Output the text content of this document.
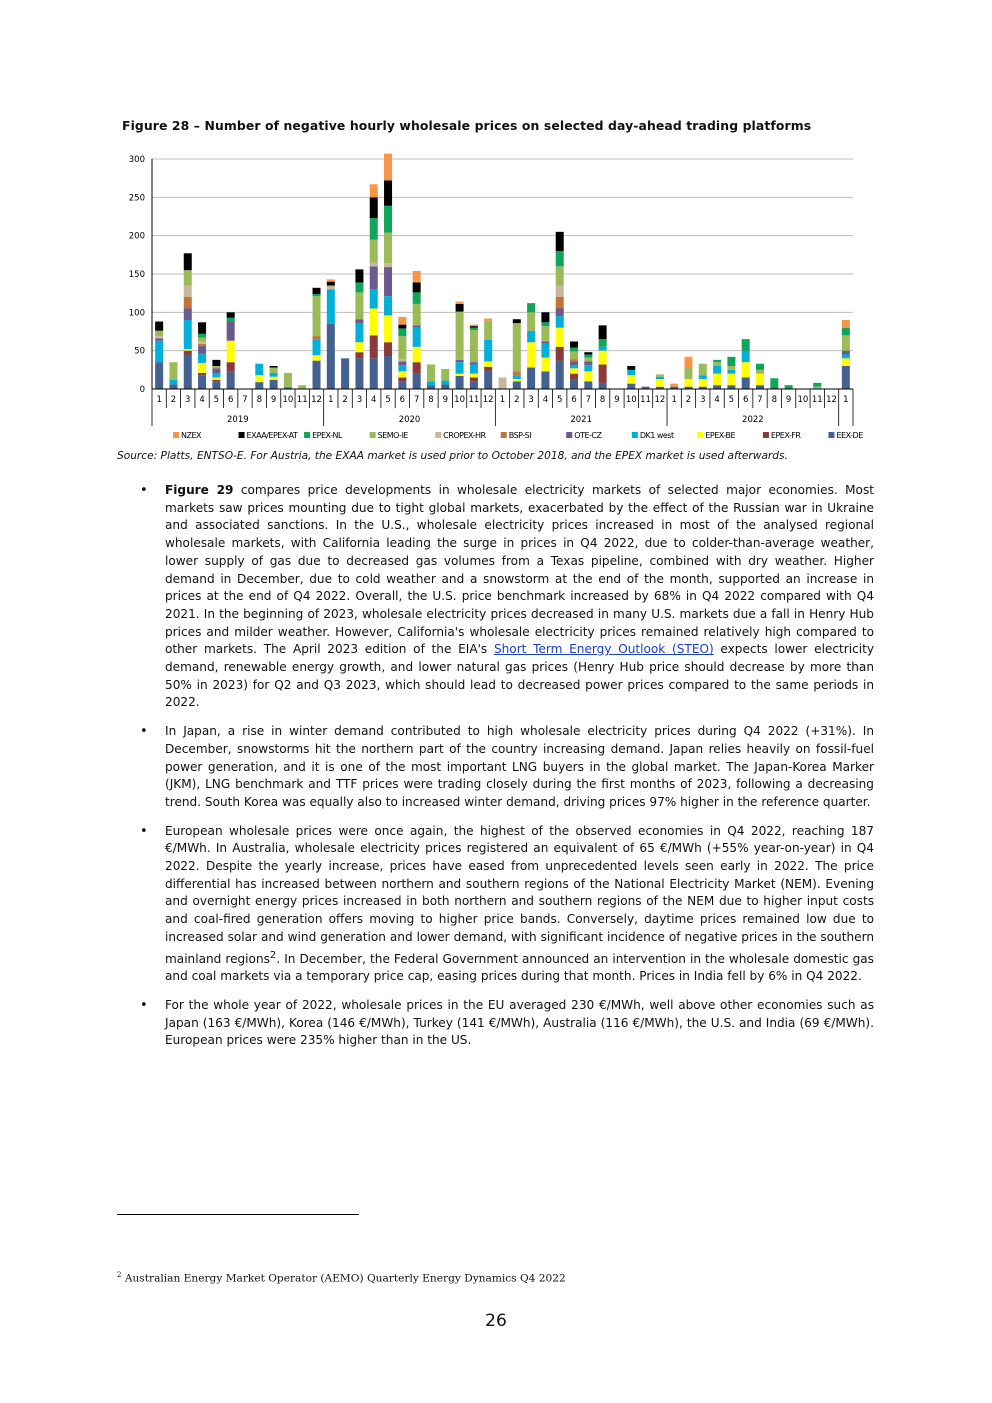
Figure 28 – Number of negative hourly wholesale prices on selected day-ahead trading platforms
0
50
100
150
200
250
300
1 2 3 4 5 6 7 8 9 10 11 12 1 2 3 4 5 6 7 8 9 10 11 12 1 2 3 4 5 6 7 8 9 10 11 12 1 2 3 4 5 6 7 8 9 10 11 12 1
2019	2020	2021	2022
NZEX	EXAA/EPEX-AT EPEX-NL	SEMO-IE	CROPEX-HR	BSP-SI	OTE-CZ	DK1 west	EPEX-BE	EPEX-FR	EEX-DE
Source: Platts, ENTSO-E. For Austria, the EXAA market is used prior to October 2018, and the EPEX market is used afterwards.
• Figure 29 compares price developments in wholesale electricity markets of selected major economies. Most markets saw prices mounting due to tight global markets, exacerbated by the effect of the Russian war in Ukraine and associated sanctions. In the U.S., wholesale electricity prices increased in most of the analysed regional wholesale markets, with California leading the surge in prices in Q4 2022, due to colder-than-average weather, lower supply of gas due to decreased gas volumes from a Texas pipeline, combined with dry weather. Higher demand in December, due to cold weather and a snowstorm at the end of the month, supported an increase in prices at the end of Q4 2022. Overall, the U.S. price benchmark increased by 68% in Q4 2022 compared with Q4 2021. In the beginning of 2023, wholesale electricity prices decreased in many U.S. markets due a fall in Henry Hub prices and milder weather. However, California's wholesale electricity prices remained relatively high compared to other markets. The April 2023 edition of the EIA's Short Term Energy Outlook (STEO) expects lower electricity demand, renewable energy growth, and lower natural gas prices (Henry Hub price should decrease by more than 50% in 2023) for Q2 and Q3 2023, which should lead to decreased power prices compared to the same periods in 2022.
• In Japan, a rise in winter demand contributed to high wholesale electricity prices during Q4 2022 (+31%). In December, snowstorms hit the northern part of the country increasing demand. Japan relies heavily on fossil-fuel power generation, and it is one of the most important LNG buyers in the global market. The Japan-Korea Marker (JKM), LNG benchmark and TTF prices were trading closely during the first months of 2023, following a decreasing trend. South Korea was equally also to increased winter demand, driving prices 97% higher in the reference quarter.
• European wholesale prices were once again, the highest of the observed economies in Q4 2022, reaching 187 €/MWh. In Australia, wholesale electricity prices registered an equivalent of 65 €/MWh (+55% year-on-year) in Q4 2022. Despite the yearly increase, prices have eased from unprecedented levels seen early in 2022. The price differential has increased between northern and southern regions of the National Electricity Market (NEM). Evening and overnight energy prices increased in both northern and southern regions of the NEM due to higher input costs and coal-fired generation offers moving to higher price bands. Conversely, daytime prices remained low due to increased solar and wind generation and lower demand, with significant incidence of negative prices in the southern mainland regions$^2$. In December, the Federal Government announced an intervention in the wholesale domestic gas and coal markets via a temporary price cap, easing prices during that month. Prices in India fell by 6% in Q4 2022.
• For the whole year of 2022, wholesale prices in the EU averaged 230 €/MWh, well above other economies such as Japan (163 €/MWh), Korea (146 €/MWh), Turkey (141 €/MWh), Australia (116 €/MWh), the U.S. and India (69 €/MWh). European prices were 235% higher than in the US.
$^2$ Australian Energy Market Operator (AEMO) Quarterly Energy Dynamics Q4 2022
26
